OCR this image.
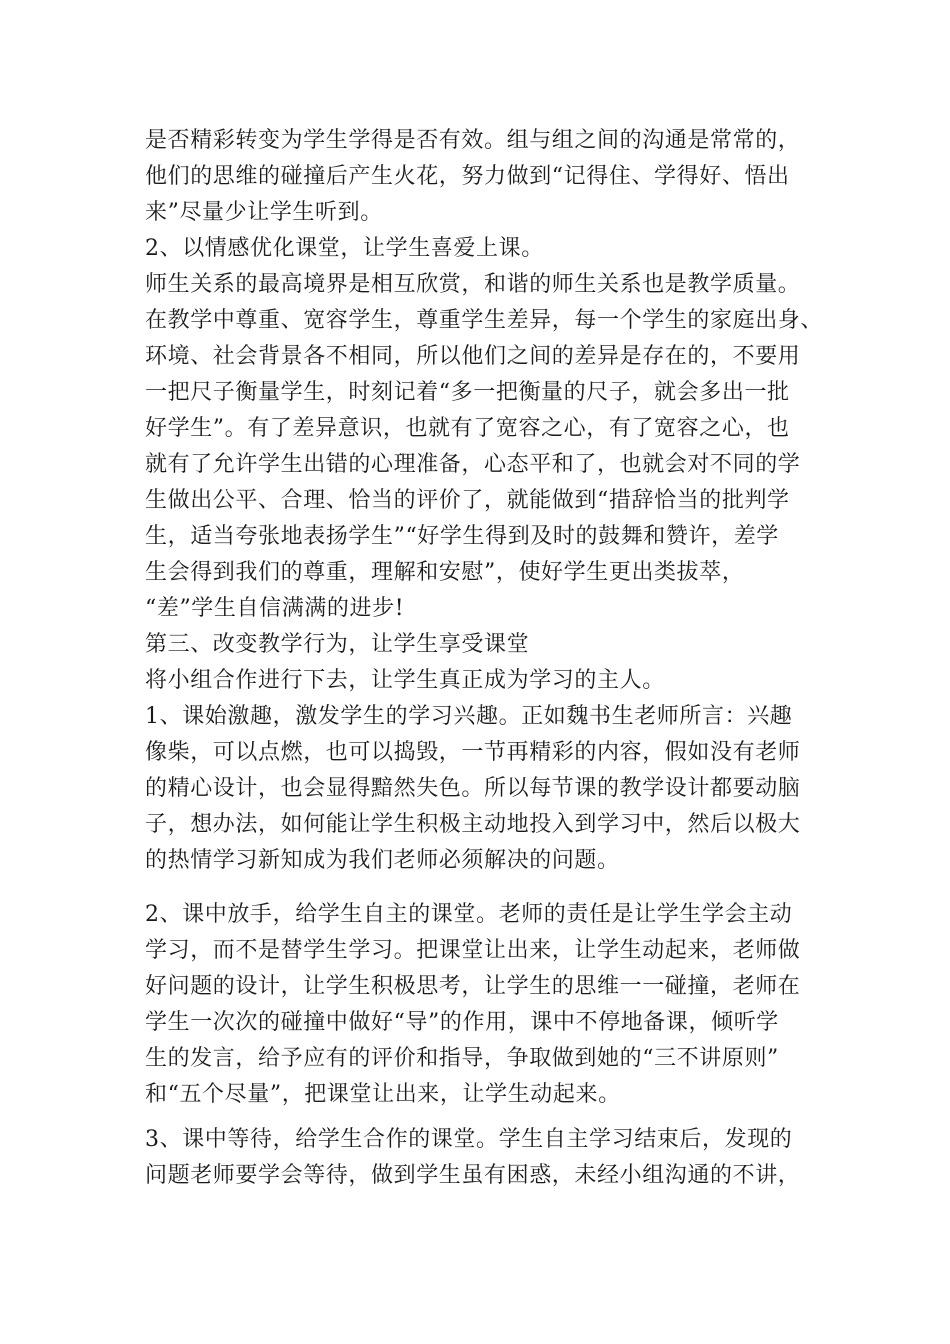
是否精彩转变为学生学得是否有效。组与组之间的沟通是常常的，
他们的思维的碰撞后产生火花，努力做到“记得住、学得好、悟出
来”尽量少让学生听到。
2、以情感优化课堂，让学生喜爱上课。
师生关系的最高境界是相互欣赏，和谐的师生关系也是教学质量。
在教学中尊重、宽容学生，尊重学生差异，每一个学生的家庭出身、
环境、社会背景各不相同，所以他们之间的差异是存在的，不要用
一把尺子衡量学生，时刻记着“多一把衡量的尺子，就会多出一批
好学生”。有了差异意识，也就有了宽容之心，有了宽容之心，也
就有了允许学生出错的心理准备，心态平和了，也就会对不同的学
生做出公平、合理、恰当的评价了，就能做到“措辞恰当的批判学
生，适当夸张地表扬学生”“好学生得到及时的鼓舞和赞许，差学
生会得到我们的尊重，理解和安慰”，使好学生更出类拔萃，
“差”学生自信满满的进步!
第三、改变教学行为，让学生享受课堂
将小组合作进行下去，让学生真正成为学习的主人。
1、课始激趣，激发学生的学习兴趣。正如魏书生老师所言：兴趣
像柴，可以点燃，也可以捣毁，一节再精彩的内容，假如没有老师
的精心设计，也会显得黯然失色。所以每节课的教学设计都要动脑
子，想办法，如何能让学生积极主动地投入到学习中，然后以极大
的热情学习新知成为我们老师必须解决的问题。
2、课中放手，给学生自主的课堂。老师的责任是让学生学会主动
学习，而不是替学生学习。把课堂让出来，让学生动起来，老师做
好问题的设计，让学生积极思考，让学生的思维一一碰撞，老师在
学生一次次的碰撞中做好“导”的作用，课中不停地备课，倾听学
生的发言，给予应有的评价和指导，争取做到她的“三不讲原则”
和“五个尽量”，把课堂让出来，让学生动起来。
3、课中等待，给学生合作的课堂。学生自主学习结束后，发现的
问题老师要学会等待，做到学生虽有困惑，未经小组沟通的不讲，
